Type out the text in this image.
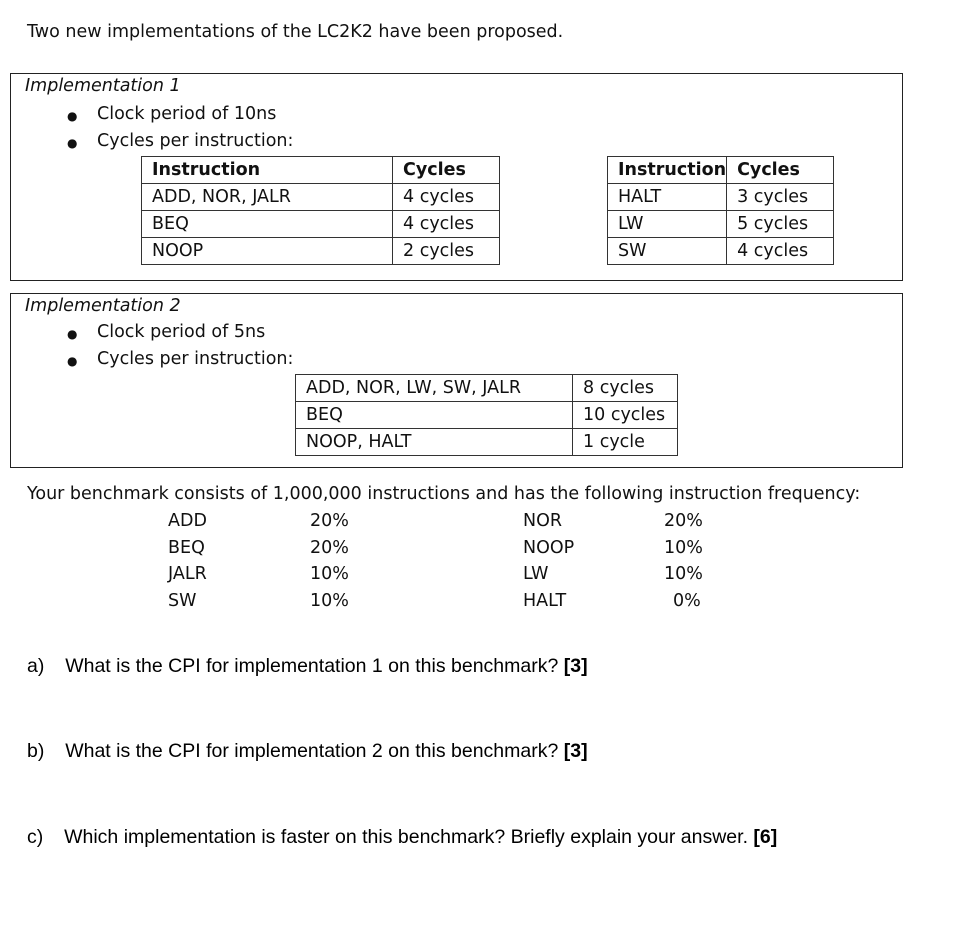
Two new implementations of the LC2K2 have been proposed.
Implementation 1
● Clock period of 10ns
● Cycles per instruction:
Instruction	Cycles
ADD, NOR, JALR	4 cycles
BEQ	4 cycles
NOOP	2 cycles
Instruction	Cycles
HALT	3 cycles
LW	5 cycles
SW	4 cycles
Implementation 2
● Clock period of 5ns
● Cycles per instruction:
ADD, NOR, LW, SW, JALR	8 cycles
BEQ	10 cycles
NOOP, HALT	1 cycle
Your benchmark consists of 1,000,000 instructions and has the following instruction frequency:
ADD	20%	NOR	20%
BEQ	20%	NOOP	10%
JALR	10%	LW	10%
SW	10%	HALT	0%
a) What is the CPI for implementation 1 on this benchmark? [3]
b) What is the CPI for implementation 2 on this benchmark? [3]
c) Which implementation is faster on this benchmark? Briefly explain your answer. [6]
